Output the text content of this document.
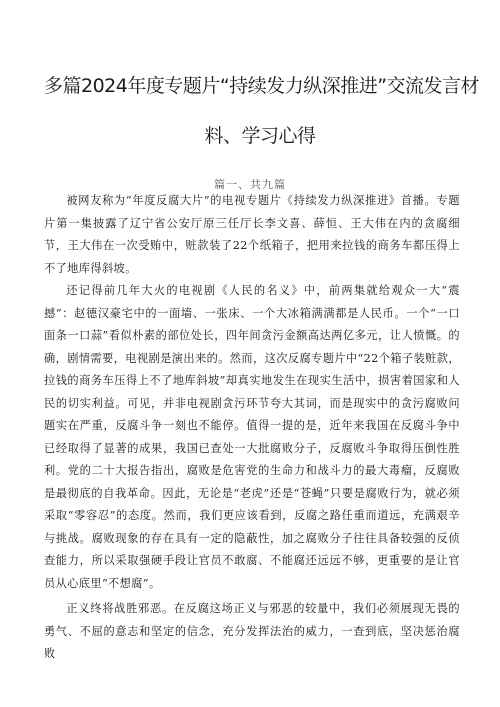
多篇2024年度专题片“持续发力纵深推进”交流发言材
料、学习心得
篇一、共九篇

被网友称为“年度反腐大片”的电视专题片《持续发力纵深推进》首播。专题片第一集披露了辽宁省公安厅原三任厅长李文喜、薛恒、王大伟在内的贪腐细节，王大伟在一次受贿中，赃款装了22个纸箱子，把用来拉钱的商务车都压得上不了地库得斜坡。

还记得前几年大火的电视剧《人民的名义》中，前两集就给观众一大“震撼”：赵德汉豪宅中的一面墙、一张床、一个大冰箱满满都是人民币。一个“一口面条一口蒜”看似朴素的部位处长，四年间贪污金额高达两亿多元，让人愤慨。的确，剧情需要，电视剧是演出来的。然而，这次反腐专题片中“22个箱子装赃款，拉钱的商务车压得上不了地库斜坡”却真实地发生在现实生活中，损害着国家和人民的切实利益。可见，并非电视剧贪污环节夸大其词，而是现实中的贪污腐败问题实在严重，反腐斗争一刻也不能停。值得一提的是，近年来我国在反腐斗争中已经取得了显著的成果，我国已查处一大批腐败分子，反腐败斗争取得压倒性胜利。党的二十大报告指出，腐败是危害党的生命力和战斗力的最大毒瘤，反腐败是最彻底的自我革命。因此，无论是“老虎”还是“苍蝇”只要是腐败行为，就必须采取“零容忍”的态度。然而，我们更应该看到，反腐之路任重而道远，充满艰辛与挑战。腐败现象的存在具有一定的隐蔽性，加之腐败分子往往具备较强的反侦查能力，所以采取强硬手段让官员不敢腐、不能腐还远远不够，更重要的是让官员从心底里“不想腐”。

正义终将战胜邪恶。在反腐这场正义与邪恶的较量中，我们必须展现无畏的勇气、不屈的意志和坚定的信念，充分发挥法治的威力，一查到底，坚决惩治腐败
